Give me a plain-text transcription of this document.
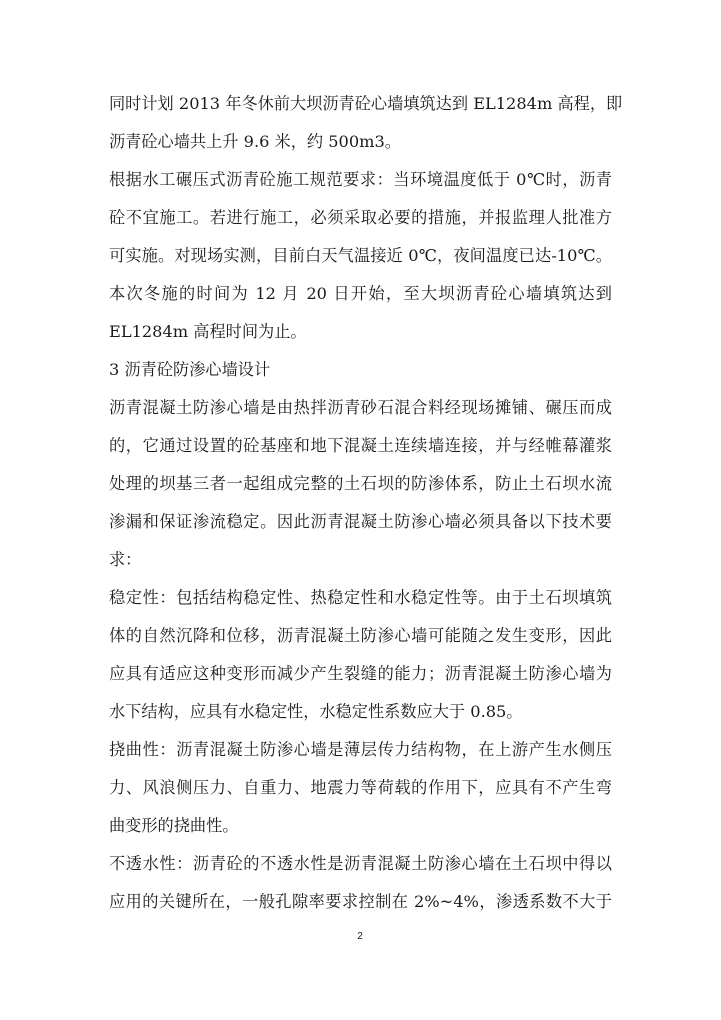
同时计划 2013 年冬休前大坝沥青砼心墙填筑达到 EL1284m 高程，即
沥青砼心墙共上升 9.6 米，约 500m3。
根据水工碾压式沥青砼施工规范要求：当环境温度低于 0℃时，沥青
砼不宜施工。若进行施工，必须采取必要的措施，并报监理人批准方
可实施。对现场实测，目前白天气温接近 0℃，夜间温度已达-10℃。
本次冬施的时间为 12 月 20 日开始，至大坝沥青砼心墙填筑达到
EL1284m 高程时间为止。
3 沥青砼防渗心墙设计
沥青混凝土防渗心墙是由热拌沥青砂石混合料经现场摊铺、碾压而成
的，它通过设置的砼基座和地下混凝土连续墙连接，并与经帷幕灌浆
处理的坝基三者一起组成完整的土石坝的防渗体系，防止土石坝水流
渗漏和保证渗流稳定。因此沥青混凝土防渗心墙必须具备以下技术要
求：
稳定性：包括结构稳定性、热稳定性和水稳定性等。由于土石坝填筑
体的自然沉降和位移，沥青混凝土防渗心墙可能随之发生变形，因此
应具有适应这种变形而减少产生裂缝的能力；沥青混凝土防渗心墙为
水下结构，应具有水稳定性，水稳定性系数应大于 0.85。
挠曲性：沥青混凝土防渗心墙是薄层传力结构物，在上游产生水侧压
力、风浪侧压力、自重力、地震力等荷载的作用下，应具有不产生弯
曲变形的挠曲性。
不透水性：沥青砼的不透水性是沥青混凝土防渗心墙在土石坝中得以
应用的关键所在，一般孔隙率要求控制在 2%~4%，渗透系数不大于
2
